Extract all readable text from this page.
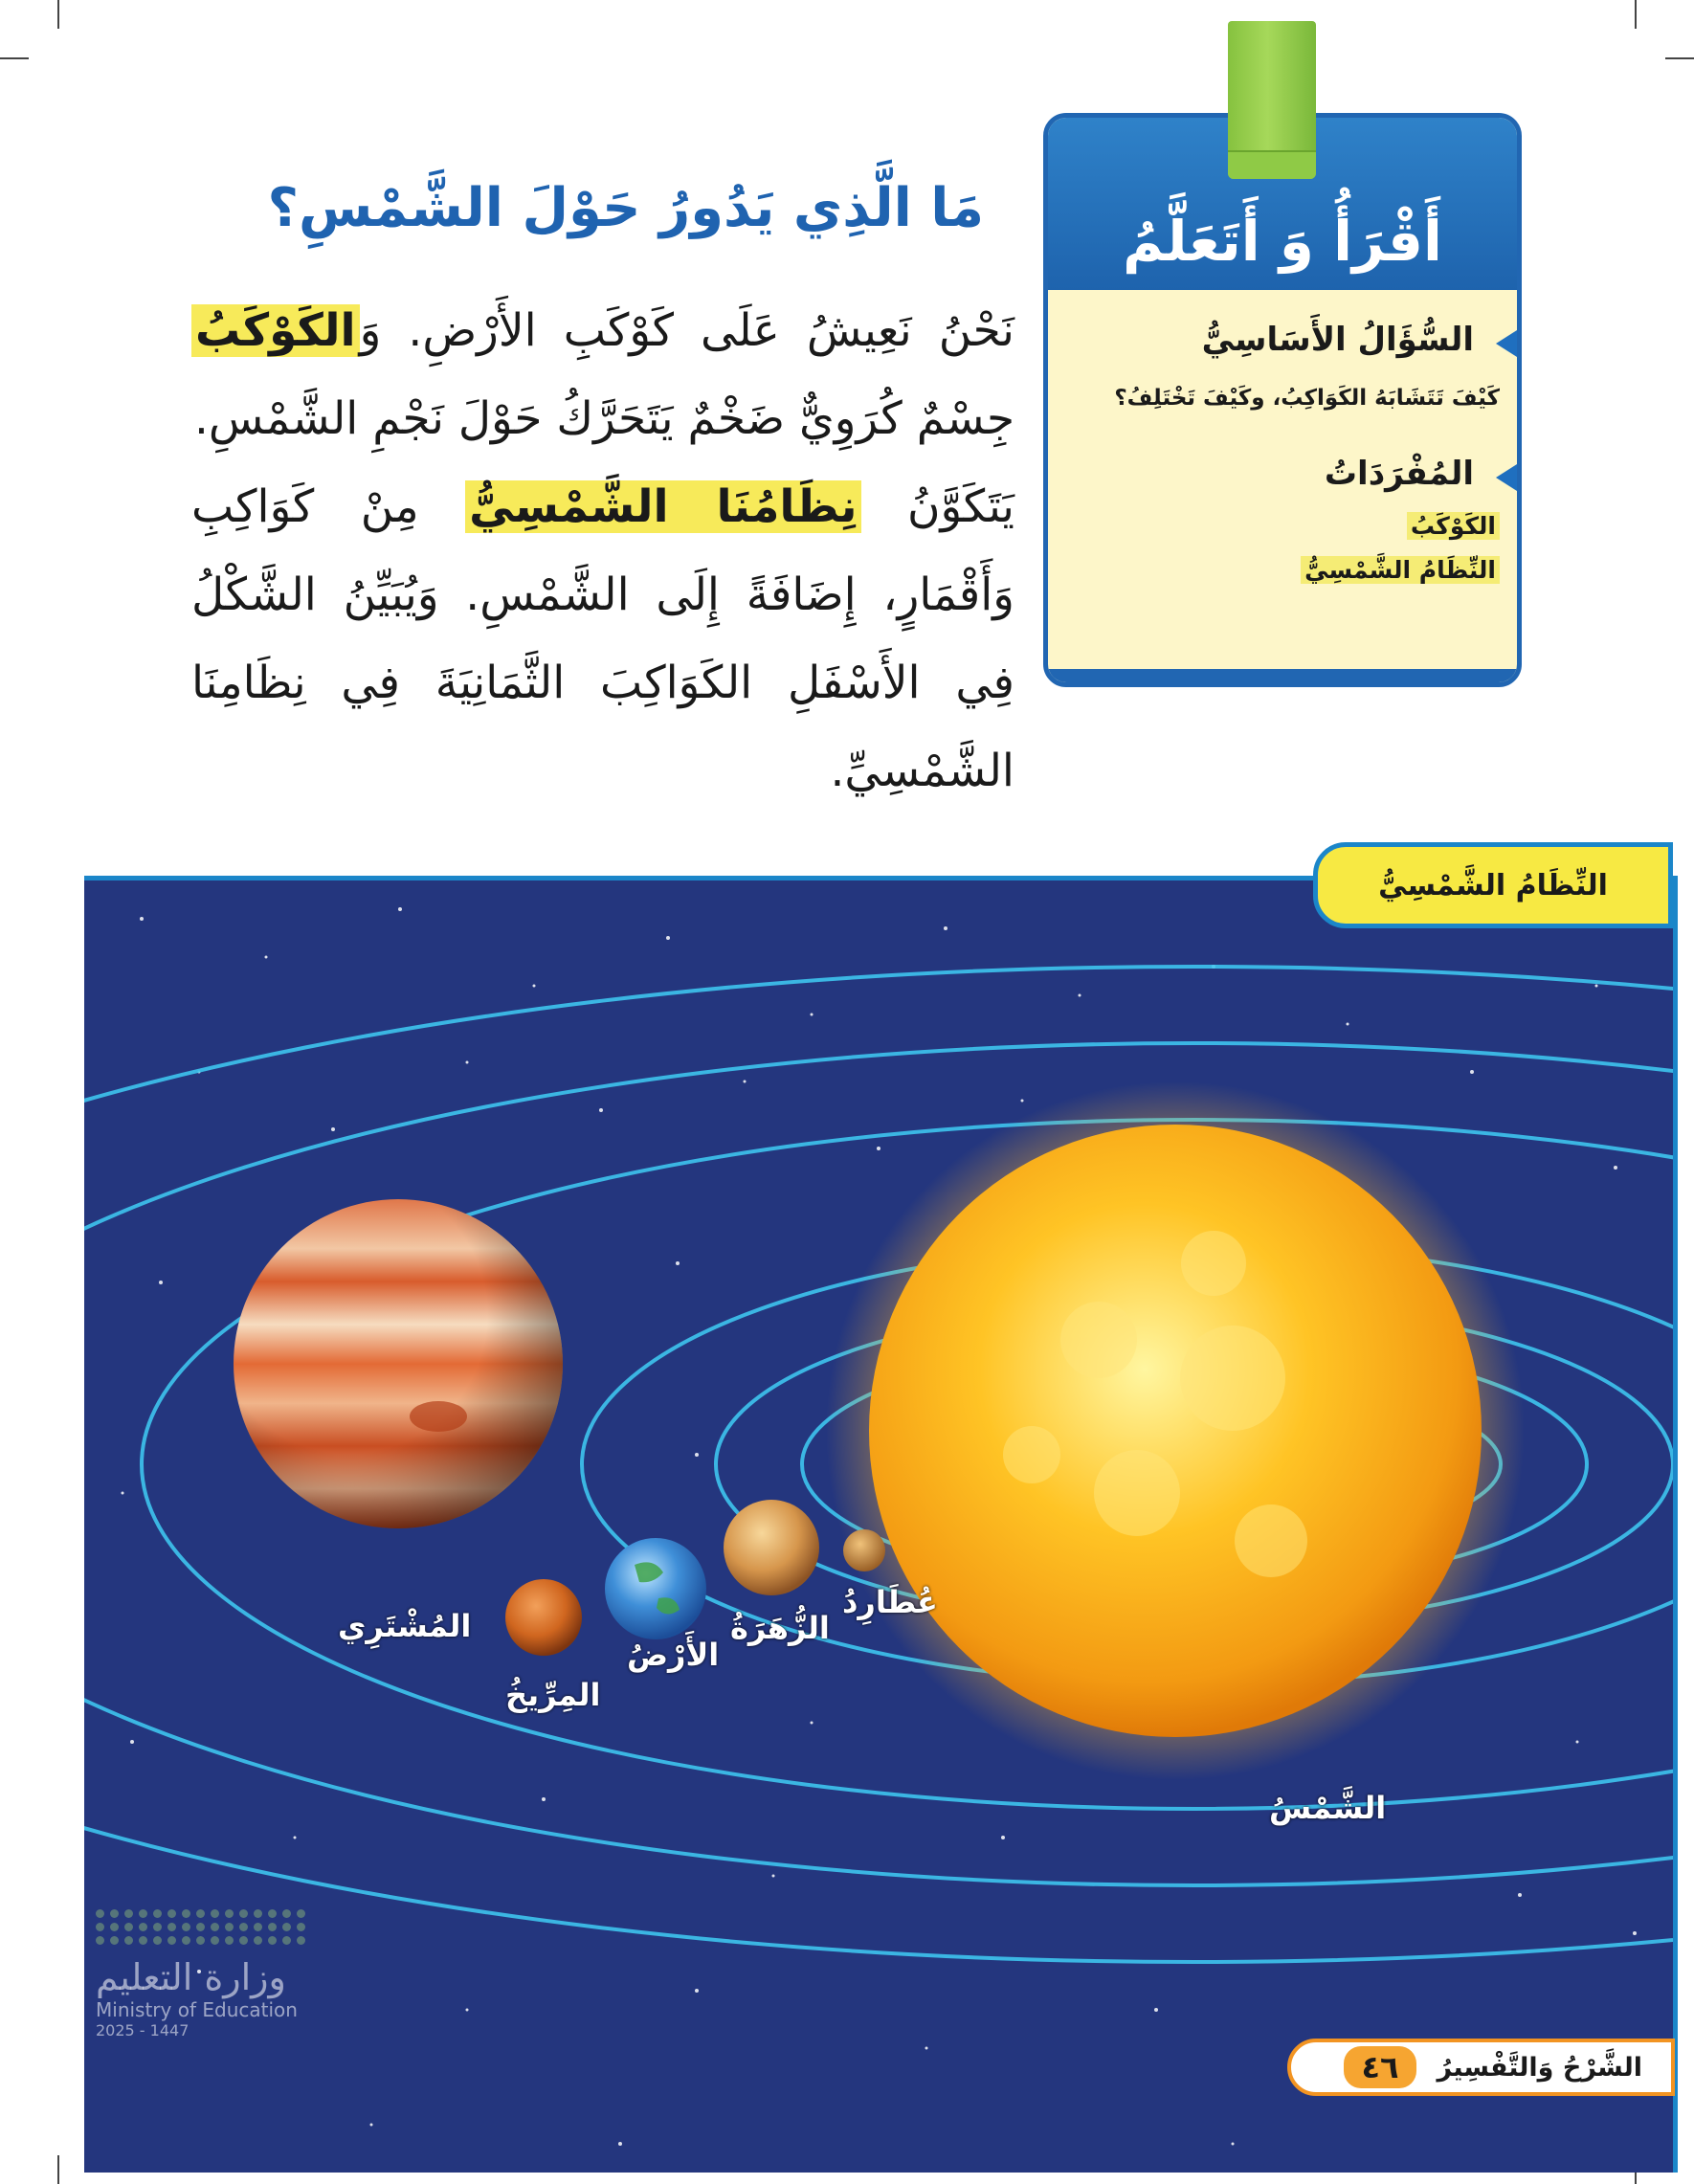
أَقْرَأُ وَ أَتَعَلَّمُ
السُّؤَالُ الأَسَاسِيُّ
كَيْفَ تَتَشَابَهُ الكَوَاكِبُ، وكَيْفَ تَخْتَلِفُ؟
المُفْرَدَاتُ
الكَوْكَبُ
النِّظَامُ الشَّمْسِيُّ
مَا الَّذِي يَدُورُ حَوْلَ الشَّمْسِ؟
نَحْنُ نَعِيشُ عَلَى كَوْكَبِ الأَرْضِ. وَالكَوْكَبُ جِسْمٌ كُرَوِيٌّ ضَخْمٌ يَتَحَرَّكُ حَوْلَ نَجْمِ الشَّمْسِ.
يَتَكَوَّنُ نِظَامُنَا الشَّمْسِيُّ مِنْ كَوَاكِبِ وَأَقْمَارٍ، إِضَافَةً إِلَى الشَّمْسِ. وَيُبَيِّنُ الشَّكْلُ فِي الأَسْفَلِ الكَوَاكِبَ الثَّمَانِيَةَ فِي نِظَامِنَا الشَّمْسِيِّ.
النِّظَامُ الشَّمْسِيُّ
الشَّمْسُ
عُطَارِدُ
الزُّهَرَةُ
الأَرْضُ
المِرِّيخُ
المُشْتَرِي
وزارة التعليم
Ministry of Education
2025 - 1447
الشَّرْحُ وَالتَّفْسِيرُ
٤٦
